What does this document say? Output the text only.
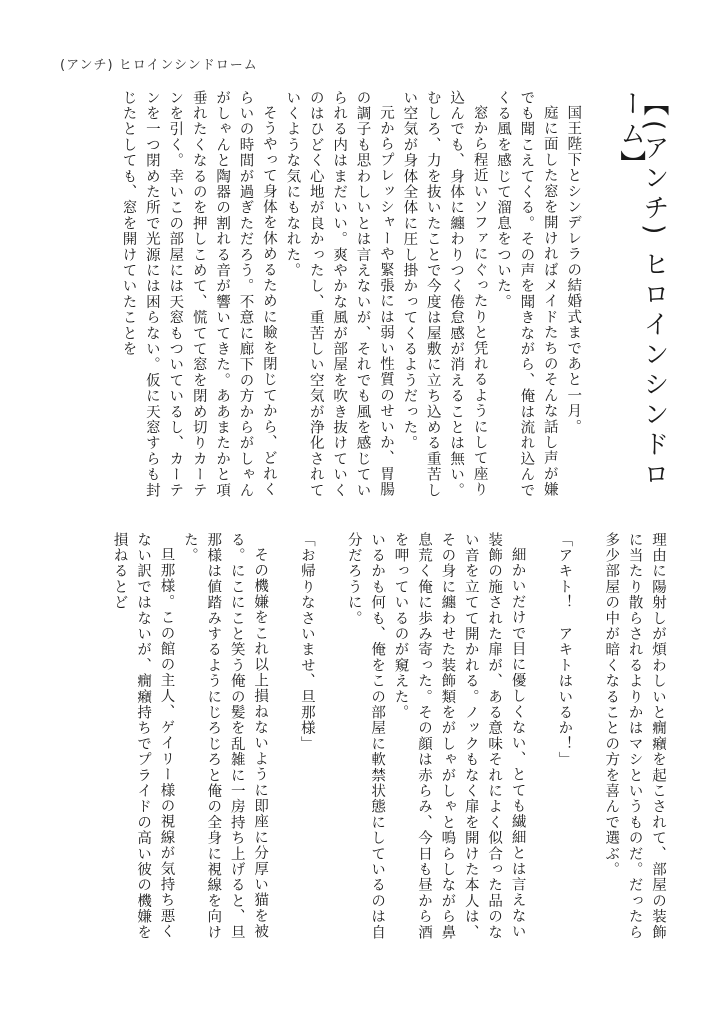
(アンチ) ヒロインシンドローム
【(アンチ) ヒロインシンドローム】

国王陛下とシンデレラの結婚式まであと一月。

庭に面した窓を開ければメイドたちのそんな話し声が嫌でも聞こえてくる。その声を聞きながら、俺は流れ込んでくる風を感じて溜息をついた。

窓から程近いソファにぐったりと凭れるようにして座り込んでも、身体に纏わりつく倦怠感が消えることは無い。むしろ、力を抜いたことで今度は屋敷に立ち込める重苦しい空気が身体全体に圧し掛かってくるようだった。

元からプレッシャーや緊張には弱い性質のせいか、胃腸の調子も思わしいとは言えないが、それでも風を感じていられる内はまだいい。爽やかな風が部屋を吹き抜けていくのはひどく心地が良かったし、重苦しい空気が浄化されていくような気にもなれた。

そうやって身体を休めるために瞼を閉じてから、どれくらいの時間が過ぎただろう。不意に廊下の方からがしゃんがしゃんと陶器の割れる音が響いてきた。ああまたかと項垂れたくなるのを押しこめて、慌てて窓を閉め切りカーテンを引く。幸いこの部屋には天窓もついているし、カーテンを一つ閉めた所で光源には困らない。仮に天窓すらも封じたとしても、窓を開けていたことを

理由に陽射しが煩わしいと癇癪を起こされて、部屋の装飾に当たり散らされるよりかはマシというものだ。だったら多少部屋の中が暗くなることの方を喜んで選ぶ。

「アキト！　アキトはいるか！」

細かいだけで目に優しくない、とても繊細とは言えない装飾の施された扉が、ある意味それによく似合った品のない音を立てて開かれる。ノックもなく扉を開けた本人は、その身に纏わせた装飾類をがしゃがしゃと鳴らしながら鼻息荒く俺に歩み寄った。その顔は赤らみ、今日も昼から酒を呷っているのが窺えた。

いるかも何も、俺をこの部屋に軟禁状態にしているのは自分だろうに。

「お帰りなさいませ、旦那様」

その機嫌をこれ以上損ねないように即座に分厚い猫を被る。にこにこと笑う俺の髪を乱雑に一房持ち上げると、旦那様は値踏みするようにじろじろと俺の全身に視線を向けた。

旦那様。この館の主人、ゲイリー様の視線が気持ち悪くない訳ではないが、癇癪持ちでプライドの高い彼の機嫌を損ねるとど
